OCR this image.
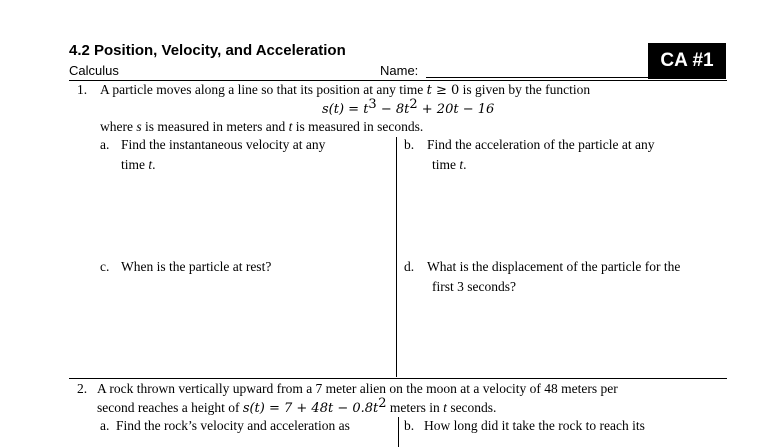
4.2 Position, Velocity, and Acceleration
Calculus	Name:	CA #1
1. A particle moves along a line so that its position at any time t ≥ 0 is given by the function
$s(t) = t^3 - 8t^2 + 20t - 16$
where s is measured in meters and t is measured in seconds.
a. Find the instantaneous velocity at any
time t.
b. Find the acceleration of the particle at any
time t.
c. When is the particle at rest?	d. What is the displacement of the particle for the
first 3 seconds?
2. A rock thrown vertically upward from a 7 meter alien on the moon at a velocity of 48 meters per
second reaches a height of $s(t) = 7 + 48t - 0.8t^2$ meters in t seconds.
a. Find the rock’s velocity and acceleration as	b. How long did it take the rock to reach its
